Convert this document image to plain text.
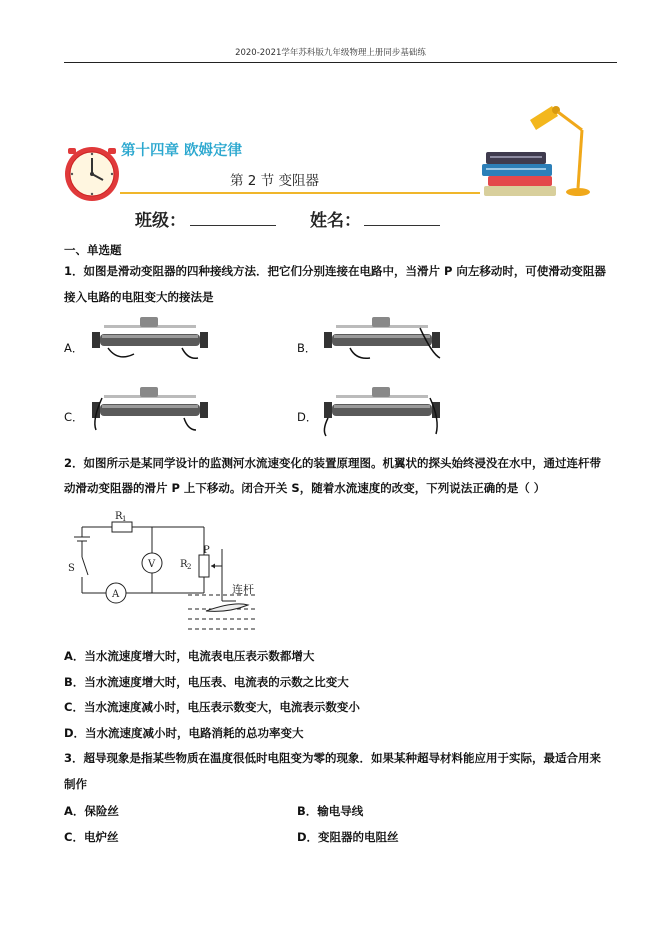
2020-2021学年苏科版九年级物理上册同步基础练
第十四章 欧姆定律
第 2 节 变阻器
班级：	姓名：
一、单选题
1．如图是滑动变阻器的四种接线方法．把它们分别连接在电路中，当滑片 P 向左移动时，可使滑动变阻器
接入电路的电阻变大的接法是
A．	B．
C．	D．
2．如图所示是某同学设计的监测河水流速变化的装置原理图。机翼状的探头始终浸没在水中，通过连杆带
动滑动变阻器的滑片 P 上下移动。闭合开关 S，随着水流速度的改变，下列说法正确的是（ ）
R 1
R 2
V
A
S
P
连杆
A．当水流速度增大时，电流表电压表示数都增大
B．当水流速度增大时，电压表、电流表的示数之比变大
C．当水流速度减小时，电压表示数变大，电流表示数变小
D．当水流速度减小时，电路消耗的总功率变大
3．超导现象是指某些物质在温度很低时电阻变为零的现象．如果某种超导材料能应用于实际，最适合用来
制作
A．保险丝	B．输电导线
C．电炉丝	D．变阻器的电阻丝
